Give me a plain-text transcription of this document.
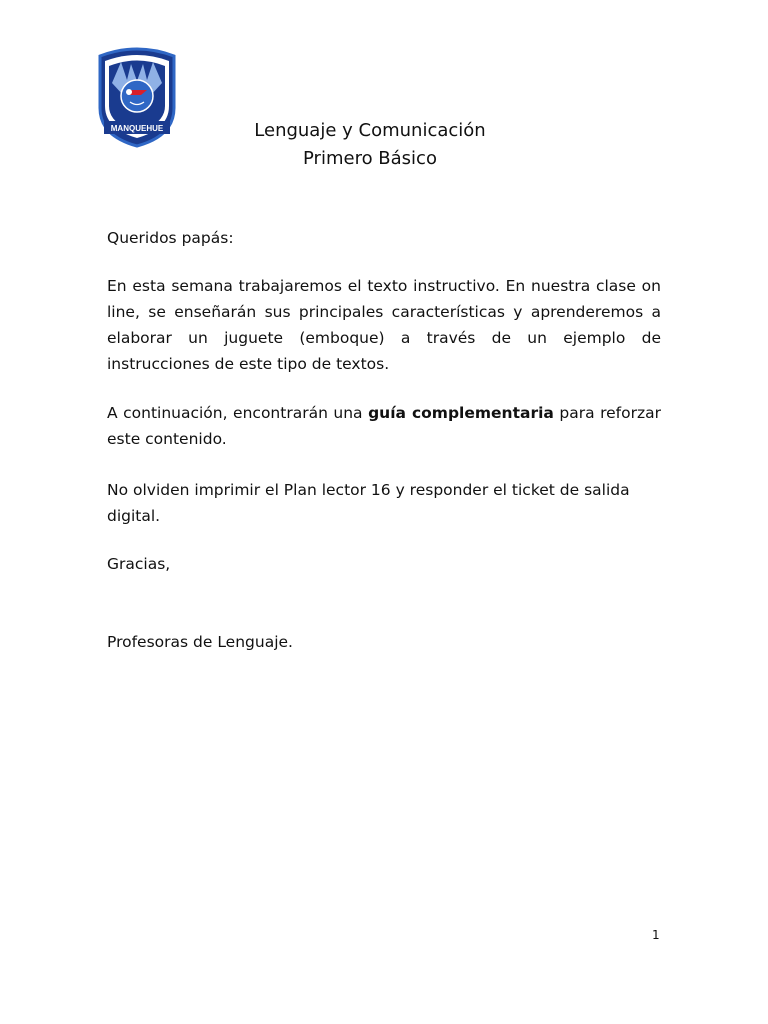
MANQUEHUE	Lenguaje y Comunicación
Primero Básico

Queridos papás:

En esta semana trabajaremos el texto instructivo. En nuestra clase on line, se enseñarán sus principales características y aprenderemos a elaborar un juguete (emboque) a través de un ejemplo de instrucciones de este tipo de textos.

A continuación, encontrarán una guía complementaria para reforzar este contenido.

No olviden imprimir el Plan lector 16 y responder el ticket de salida digital.

Gracias,

Profesoras de Lenguaje.

1
